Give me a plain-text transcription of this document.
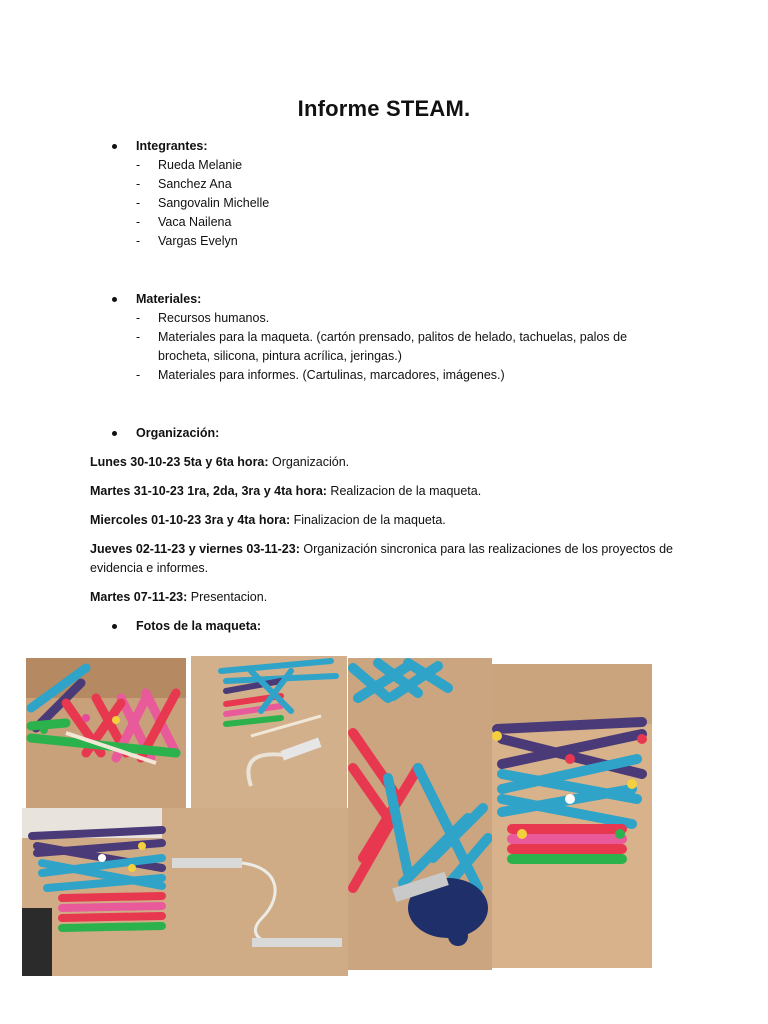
Informe STEAM.
Integrantes:
- Rueda Melanie
- Sanchez Ana
- Sangovalin Michelle
- Vaca Nailena
- Vargas Evelyn
Materiales:
- Recursos humanos.
- Materiales para la maqueta. (cartón prensado, palitos de helado, tachuelas, palos de
brocheta, silicona, pintura acrílica, jeringas.)
- Materiales para informes. (Cartulinas, marcadores, imágenes.)
Organización:
Lunes 30-10-23 5ta y 6ta hora: Organización.
Martes 31-10-23 1ra, 2da, 3ra y 4ta hora: Realizacion de la maqueta.
Miercoles 01-10-23 3ra y 4ta hora: Finalizacion de la maqueta.
Jueves 02-11-23 y viernes 03-11-23: Organización sincronica para las realizaciones de los proyectos de
evidencia e informes.
Martes 07-11-23: Presentacion.
Fotos de la maqueta:
